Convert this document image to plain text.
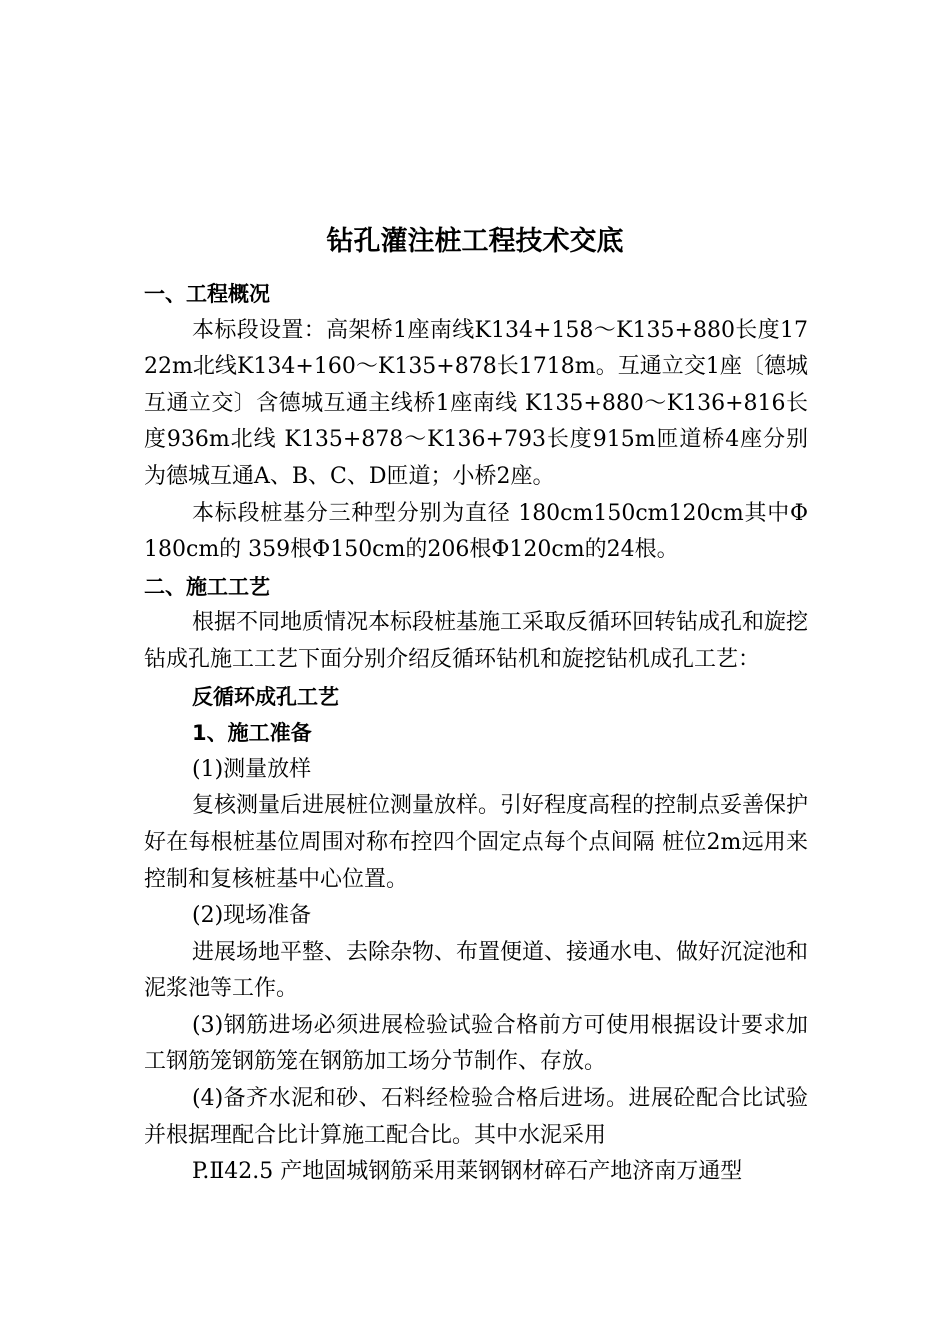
钻孔灌注桩工程技术交底

一、工程概况

本标段设置：高架桥1座南线K134+158～K135+880长度1722m北线K134+160～K135+878长1718m。互通立交1座〔德城互通立交〕含德城互通主线桥1座南线 K135+880～K136+816长度936m北线 K135+878～K136+793长度915m匝道桥4座分别为德城互通A、B、C、D匝道；小桥2座。

本标段桩基分三种型分别为直径 180cm150cm120cm其中Φ180cm的 359根Φ150cm的206根Φ120cm的24根。

二、施工工艺

根据不同地质情况本标段桩基施工采取反循环回转钻成孔和旋挖钻成孔施工工艺下面分别介绍反循环钻机和旋挖钻机成孔工艺：

反循环成孔工艺

1、施工准备

(1)测量放样

复核测量后进展桩位测量放样。引好程度高程的控制点妥善保护好在每根桩基位周围对称布控四个固定点每个点间隔 桩位2m远用来控制和复核桩基中心位置。

(2)现场准备

进展场地平整、去除杂物、布置便道、接通水电、做好沉淀池和泥浆池等工作。

(3)钢筋进场必须进展检验试验合格前方可使用根据设计要求加工钢筋笼钢筋笼在钢筋加工场分节制作、存放。

(4)备齐水泥和砂、石料经检验合格后进场。进展砼配合比试验并根据理配合比计算施工配合比。其中水泥采用

P.Ⅱ42.5 产地固城钢筋采用莱钢钢材碎石产地济南万通型
